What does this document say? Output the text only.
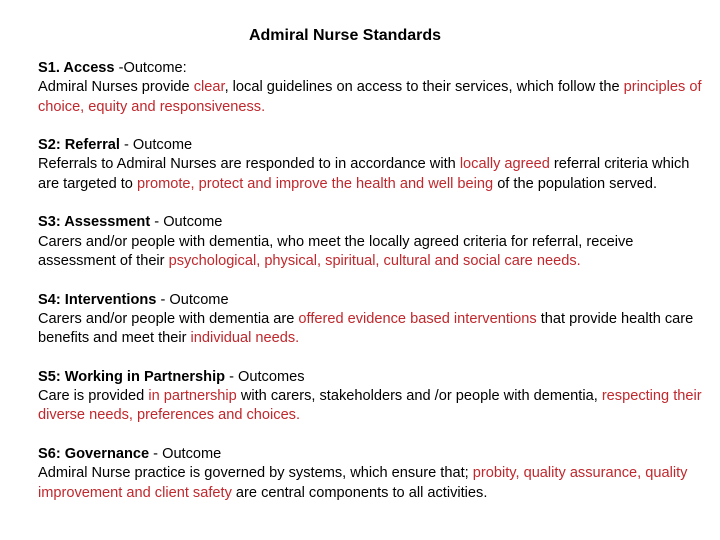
Admiral Nurse Standards
S1. Access -Outcome:
Admiral Nurses provide clear, local guidelines on access to their services, which follow the principles of choice, equity and responsiveness.
S2: Referral - Outcome
Referrals to Admiral Nurses are responded to in accordance with locally agreed referral criteria which are targeted to promote, protect and improve the health and well being of the population served.
S3: Assessment - Outcome
Carers and/or people with dementia, who meet the locally agreed criteria for referral, receive assessment of their psychological, physical, spiritual, cultural and social care needs.
S4: Interventions - Outcome
Carers and/or people with dementia are offered evidence based interventions that provide health care benefits and meet their individual needs.
S5: Working in Partnership - Outcomes
Care is provided in partnership with carers, stakeholders and /or people with dementia, respecting their diverse needs, preferences and choices.
S6: Governance - Outcome
Admiral Nurse practice is governed by systems, which ensure that; probity, quality assurance, quality improvement and client safety are central components to all activities.
